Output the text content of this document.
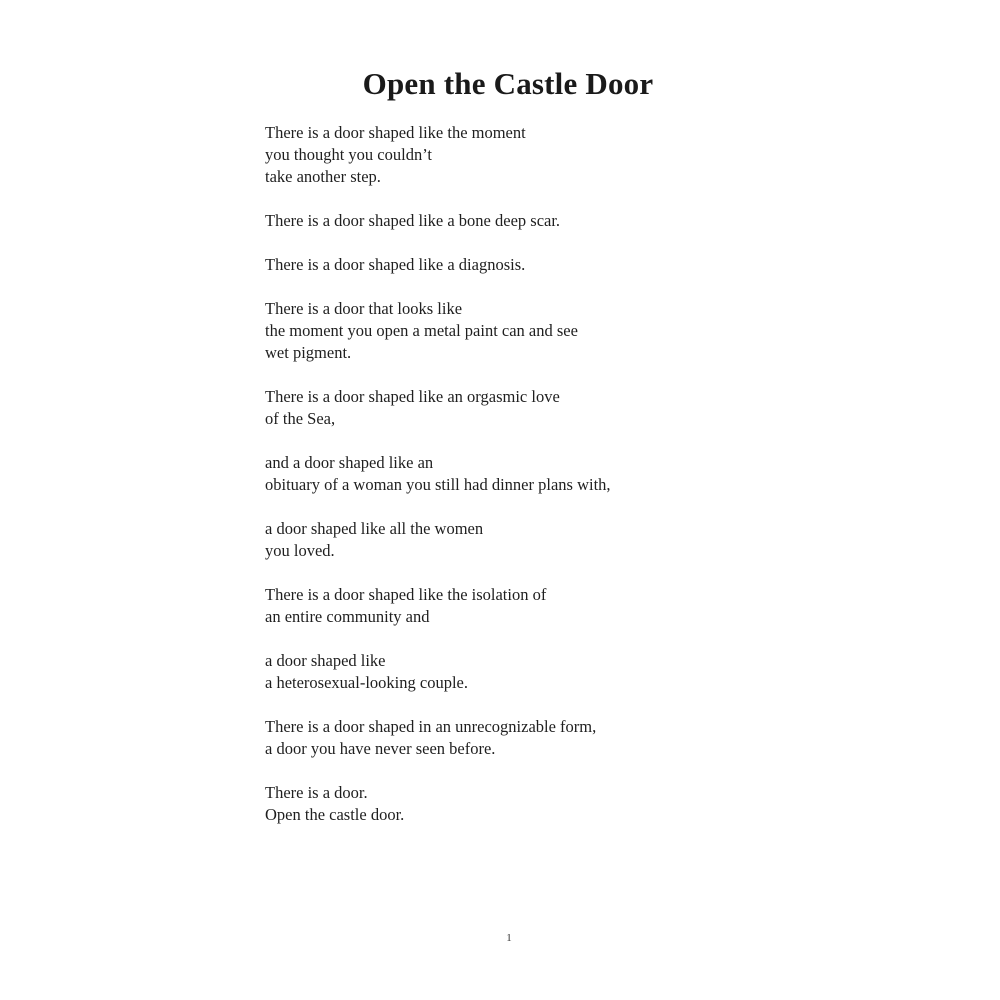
Open the Castle Door
There is a door shaped like the moment
you thought you couldn’t
take another step.
There is a door shaped like a bone deep scar.
There is a door shaped like a diagnosis.
There is a door that looks like
the moment you open a metal paint can and see
wet pigment.
There is a door shaped like an orgasmic love
of the Sea,
and a door shaped like an
obituary of a woman you still had dinner plans with,
a door shaped like all the women
you loved.
There is a door shaped like the isolation of
an entire community and
a door shaped like
a heterosexual-looking couple.
There is a door shaped in an unrecognizable form,
a door you have never seen before.
There is a door.
Open the castle door.
1
